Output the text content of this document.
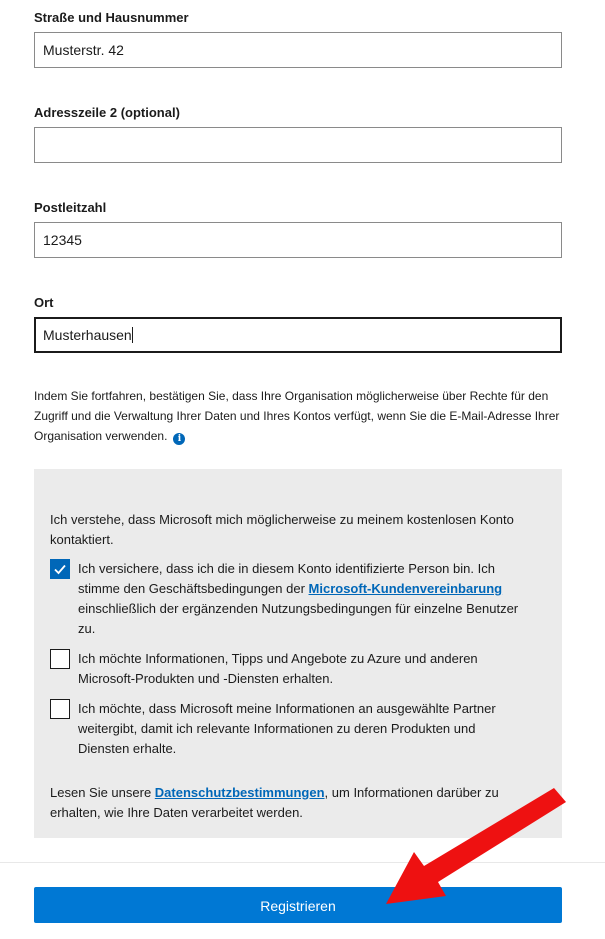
Straße und Hausnummer
Musterstr. 42
Adresszeile 2 (optional)
Postleitzahl
12345
Ort
Musterhausen
Indem Sie fortfahren, bestätigen Sie, dass Ihre Organisation möglicherweise über Rechte für den Zugriff und die Verwaltung Ihrer Daten und Ihres Kontos verfügt, wenn Sie die E-Mail-Adresse Ihrer Organisation verwenden. i
Ich verstehe, dass Microsoft mich möglicherweise zu meinem kostenlosen Konto kontaktiert.
Ich versichere, dass ich die in diesem Konto identifizierte Person bin. Ich stimme den Geschäftsbedingungen der Microsoft-Kundenvereinbarung einschließlich der ergänzenden Nutzungsbedingungen für einzelne Benutzer zu.
Ich möchte Informationen, Tipps und Angebote zu Azure und anderen Microsoft-Produkten und -Diensten erhalten.
Ich möchte, dass Microsoft meine Informationen an ausgewählte Partner weitergibt, damit ich relevante Informationen zu deren Produkten und Diensten erhalte.
Lesen Sie unsere Datenschutzbestimmungen, um Informationen darüber zu erhalten, wie Ihre Daten verarbeitet werden.
Registrieren
